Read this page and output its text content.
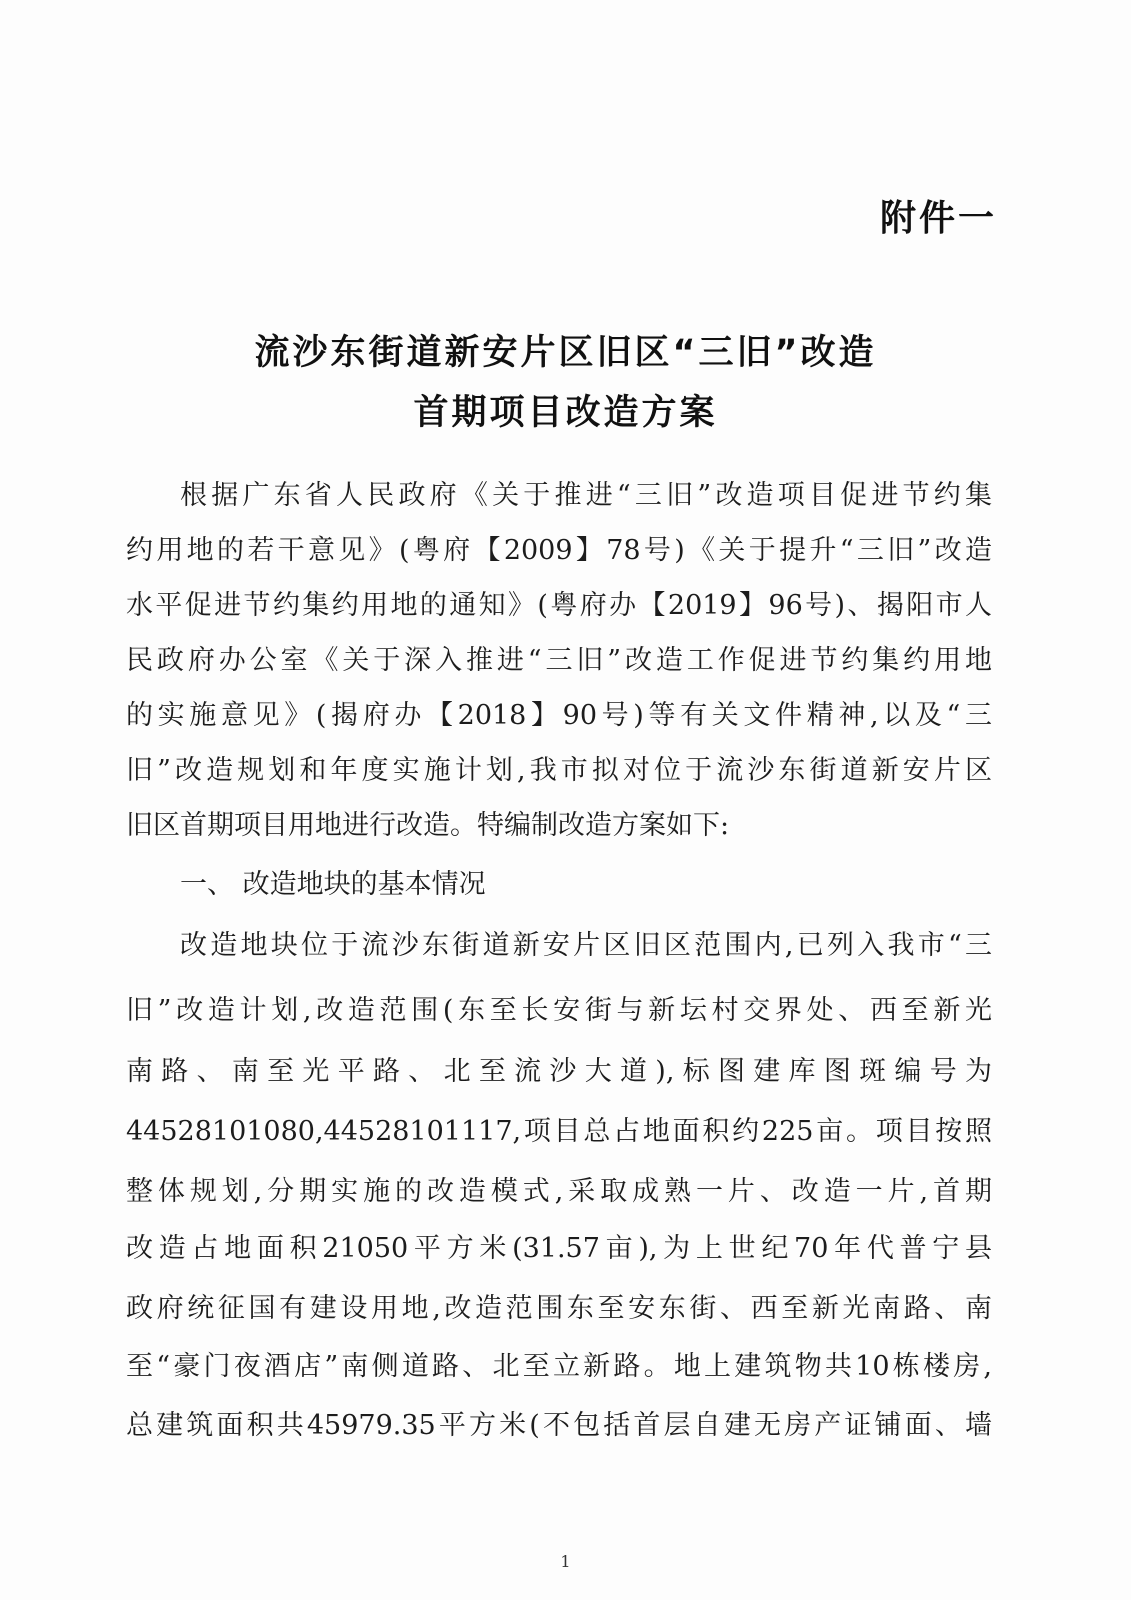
附件一
流沙东街道新安片区旧区“三旧”改造
首期项目改造方案
根据广东省人民政府《关于推进“三旧”改造项目促进节约集
约用地的若干意见》(粤府【2009】78号)《关于提升“三旧”改造
水平促进节约集约用地的通知》(粤府办【2019】96号)、揭阳市人
民政府办公室《关于深入推进“三旧”改造工作促进节约集约用地
的实施意见》(揭府办【2018】90号)等有关文件精神,以及“三
旧”改造规划和年度实施计划,我市拟对位于流沙东街道新安片区
旧区首期项目用地进行改造。特编制改造方案如下:
一、 改造地块的基本情况
改造地块位于流沙东街道新安片区旧区范围内,已列入我市“三
旧”改造计划,改造范围(东至长安街与新坛村交界处、西至新光
南路、南至光平路、北至流沙大道),标图建库图斑编号为
44528101080,44528101117,项目总占地面积约225亩。项目按照
整体规划,分期实施的改造模式,采取成熟一片、改造一片,首期
改造占地面积21050平方米(31.57亩),为上世纪70年代普宁县
政府统征国有建设用地,改造范围东至安东街、西至新光南路、南
至“豪门夜酒店”南侧道路、北至立新路。地上建筑物共10栋楼房,
总建筑面积共45979.35平方米(不包括首层自建无房产证铺面、墙
1
